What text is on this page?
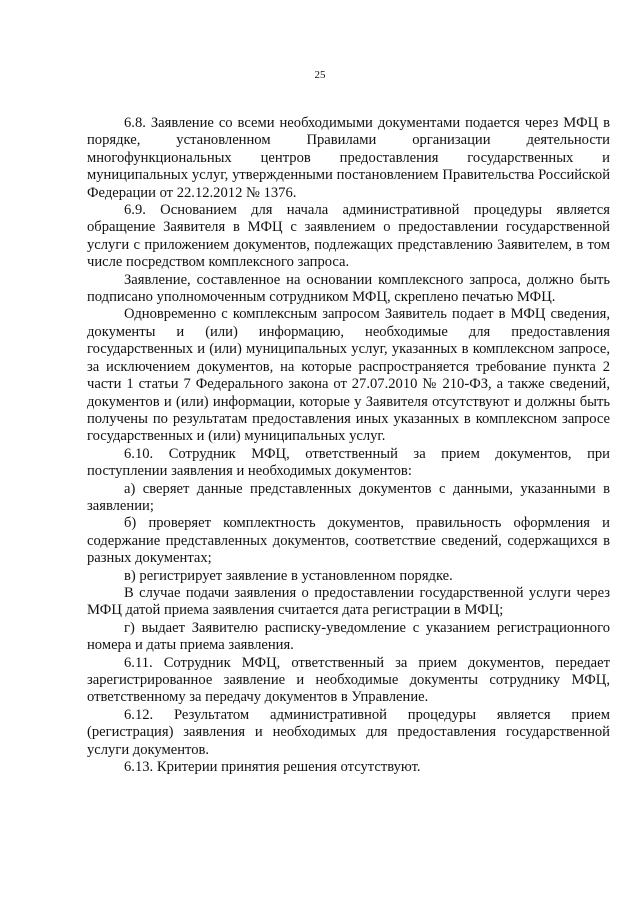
25

6.8. Заявление со всеми необходимыми документами подается через МФЦ в порядке, установленном Правилами организации деятельности многофункциональных центров предоставления государственных и муниципальных услуг, утвержденными постановлением Правительства Российской Федерации от 22.12.2012 № 1376.

6.9. Основанием для начала административной процедуры является обращение Заявителя в МФЦ с заявлением о предоставлении государственной услуги с приложением документов, подлежащих представлению Заявителем, в том числе посредством комплексного запроса.

Заявление, составленное на основании комплексного запроса, должно быть подписано уполномоченным сотрудником МФЦ, скреплено печатью МФЦ.

Одновременно с комплексным запросом Заявитель подает в МФЦ сведения, документы и (или) информацию, необходимые для предоставления государственных и (или) муниципальных услуг, указанных в комплексном запросе, за исключением документов, на которые распространяется требование пункта 2 части 1 статьи 7 Федерального закона от 27.07.2010 № 210-ФЗ, а также сведений, документов и (или) информации, которые у Заявителя отсутствуют и должны быть получены по результатам предоставления иных указанных в комплексном запросе государственных и (или) муниципальных услуг.

6.10. Сотрудник МФЦ, ответственный за прием документов, при поступлении заявления и необходимых документов:

а) сверяет данные представленных документов с данными, указанными в заявлении;

б) проверяет комплектность документов, правильность оформления и содержание представленных документов, соответствие сведений, содержащихся в разных документах;

в) регистрирует заявление в установленном порядке.

В случае подачи заявления о предоставлении государственной услуги через МФЦ датой приема заявления считается дата регистрации в МФЦ;

г) выдает Заявителю расписку-уведомление с указанием регистрационного номера и даты приема заявления.

6.11. Сотрудник МФЦ, ответственный за прием документов, передает зарегистрированное заявление и необходимые документы сотруднику МФЦ, ответственному за передачу документов в Управление.

6.12. Результатом административной процедуры является прием (регистрация) заявления и необходимых для предоставления государственной услуги документов.

6.13. Критерии принятия решения отсутствуют.
